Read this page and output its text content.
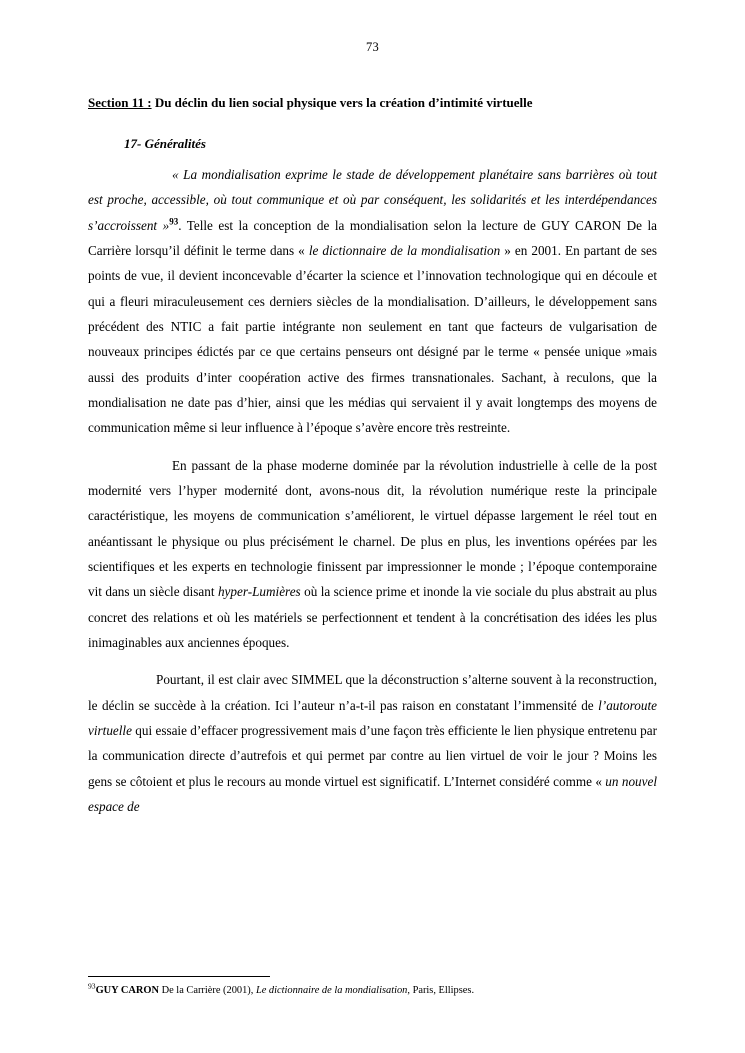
73
Section 11 : Du déclin du lien social physique vers la création d’intimité virtuelle
17- Généralités

« La mondialisation exprime le stade de développement planétaire sans barrières où tout est proche, accessible, où tout communique et où par conséquent, les solidarités et les interdépendances s’accroissent »$^{93}$. Telle est la conception de la mondialisation selon la lecture de GUY CARON De la Carrière lorsqu’il définit le terme dans « le dictionnaire de la mondialisation » en 2001. En partant de ses points de vue, il devient inconcevable d’écarter la science et l’innovation technologique qui en découle et qui a fleuri miraculeusement ces derniers siècles de la mondialisation. D’ailleurs, le développement sans précédent des NTIC a fait partie intégrante non seulement en tant que facteurs de vulgarisation de nouveaux principes édictés par ce que certains penseurs ont désigné par le terme « pensée unique »mais aussi des produits d’inter coopération active des firmes transnationales. Sachant, à reculons, que la mondialisation ne date pas d’hier, ainsi que les médias qui servaient il y avait longtemps des moyens de communication même si leur influence à l’époque s’avère encore très restreinte.

En passant de la phase moderne dominée par la révolution industrielle à celle de la post modernité vers l’hyper modernité dont, avons-nous dit, la révolution numérique reste la principale caractéristique, les moyens de communication s’améliorent, le virtuel dépasse largement le réel tout en anéantissant le physique ou plus précisément le charnel. De plus en plus, les inventions opérées par les scientifiques et les experts en technologie finissent par impressionner le monde ; l’époque contemporaine vit dans un siècle disant hyper-Lumières où la science prime et inonde la vie sociale du plus abstrait au plus concret des relations et où les matériels se perfectionnent et tendent à la concrétisation des idées les plus inimaginables aux anciennes époques.

Pourtant, il est clair avec SIMMEL que la déconstruction s’alterne souvent à la reconstruction, le déclin se succède à la création. Ici l’auteur n’a-t-il pas raison en constatant l’immensité de l’autoroute virtuelle qui essaie d’effacer progressivement mais d’une façon très efficiente le lien physique entretenu par la communication directe d’autrefois et qui permet par contre au lien virtuel de voir le jour ? Moins les gens se côtoient et plus le recours au monde virtuel est significatif. L’Internet considéré comme « un nouvel espace de

$^{93}$GUY CARON De la Carrière (2001), Le dictionnaire de la mondialisation, Paris, Ellipses.
